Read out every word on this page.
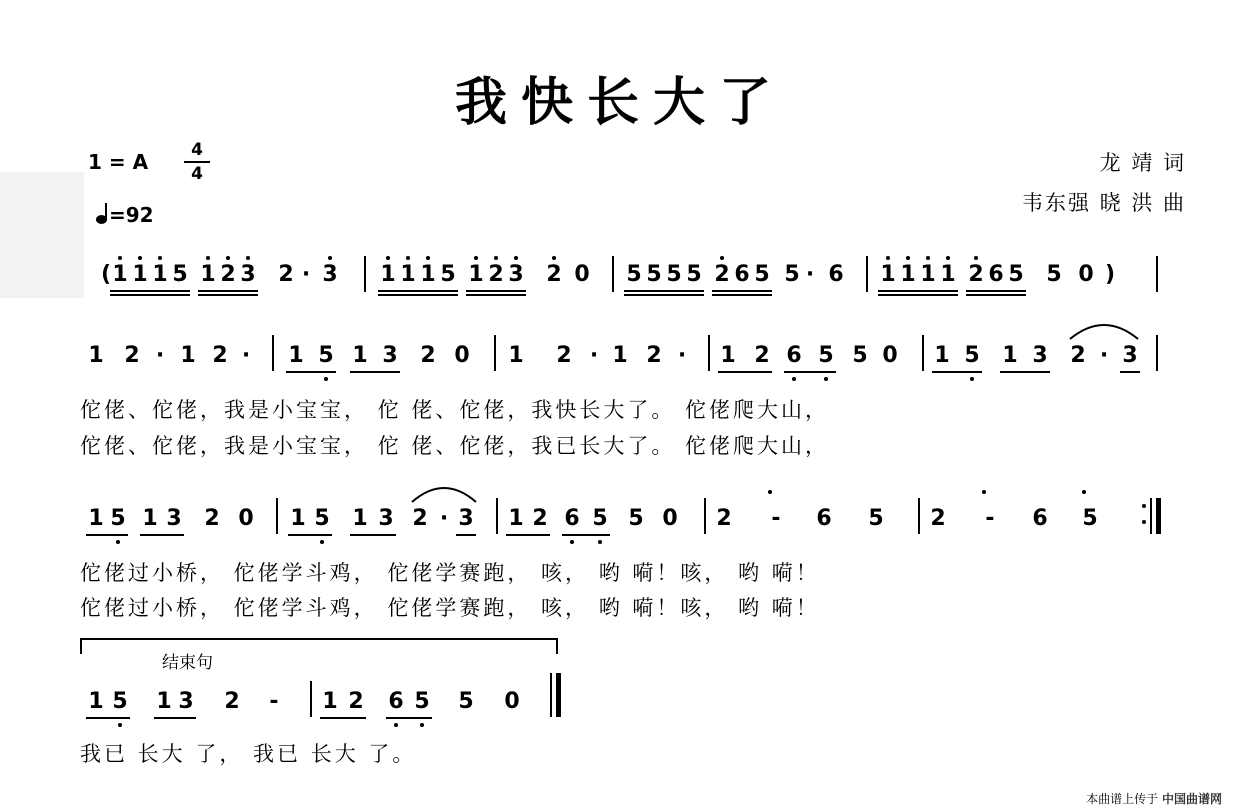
我快长大了
1 = A	4
4
=92
龙 靖 词
韦东强 晓 洪 曲
( 1 1 1 5 1 2 3 2 · 3 1 1 1 5 1 2 3 2 0 5 5 5 5 2 6 5 5 · 6 1 1 1 1 2 6 5 5 0 )
1 2 · 1 2 · 1 5 1 3 2 0 1 2 · 1 2 · 1 2 6 5 5 0 1 5 1 3 2 · 3
佗佬、佗佬，我是小宝宝， 佗 佬、佗佬，我快长大了。 佗佬爬大山，
佗佬、佗佬，我是小宝宝， 佗 佬、佗佬，我已长大了。 佗佬爬大山，
1 5 1 3 2 0 1 5 1 3 2 · 3 1 2 6 5 5 0 2 - 6 5 2 - 6 5
佗佬过小桥， 佗佬学斗鸡， 佗佬学赛跑， 咳， 哟 嗬！咳， 哟 嗬！
佗佬过小桥， 佗佬学斗鸡， 佗佬学赛跑， 咳， 哟 嗬！咳， 哟 嗬！
结束句
1 5 1 3 2 - 1 2 6 5 5 0
我已 长大 了， 我已 长大 了。
本曲谱上传于 中国曲谱网
